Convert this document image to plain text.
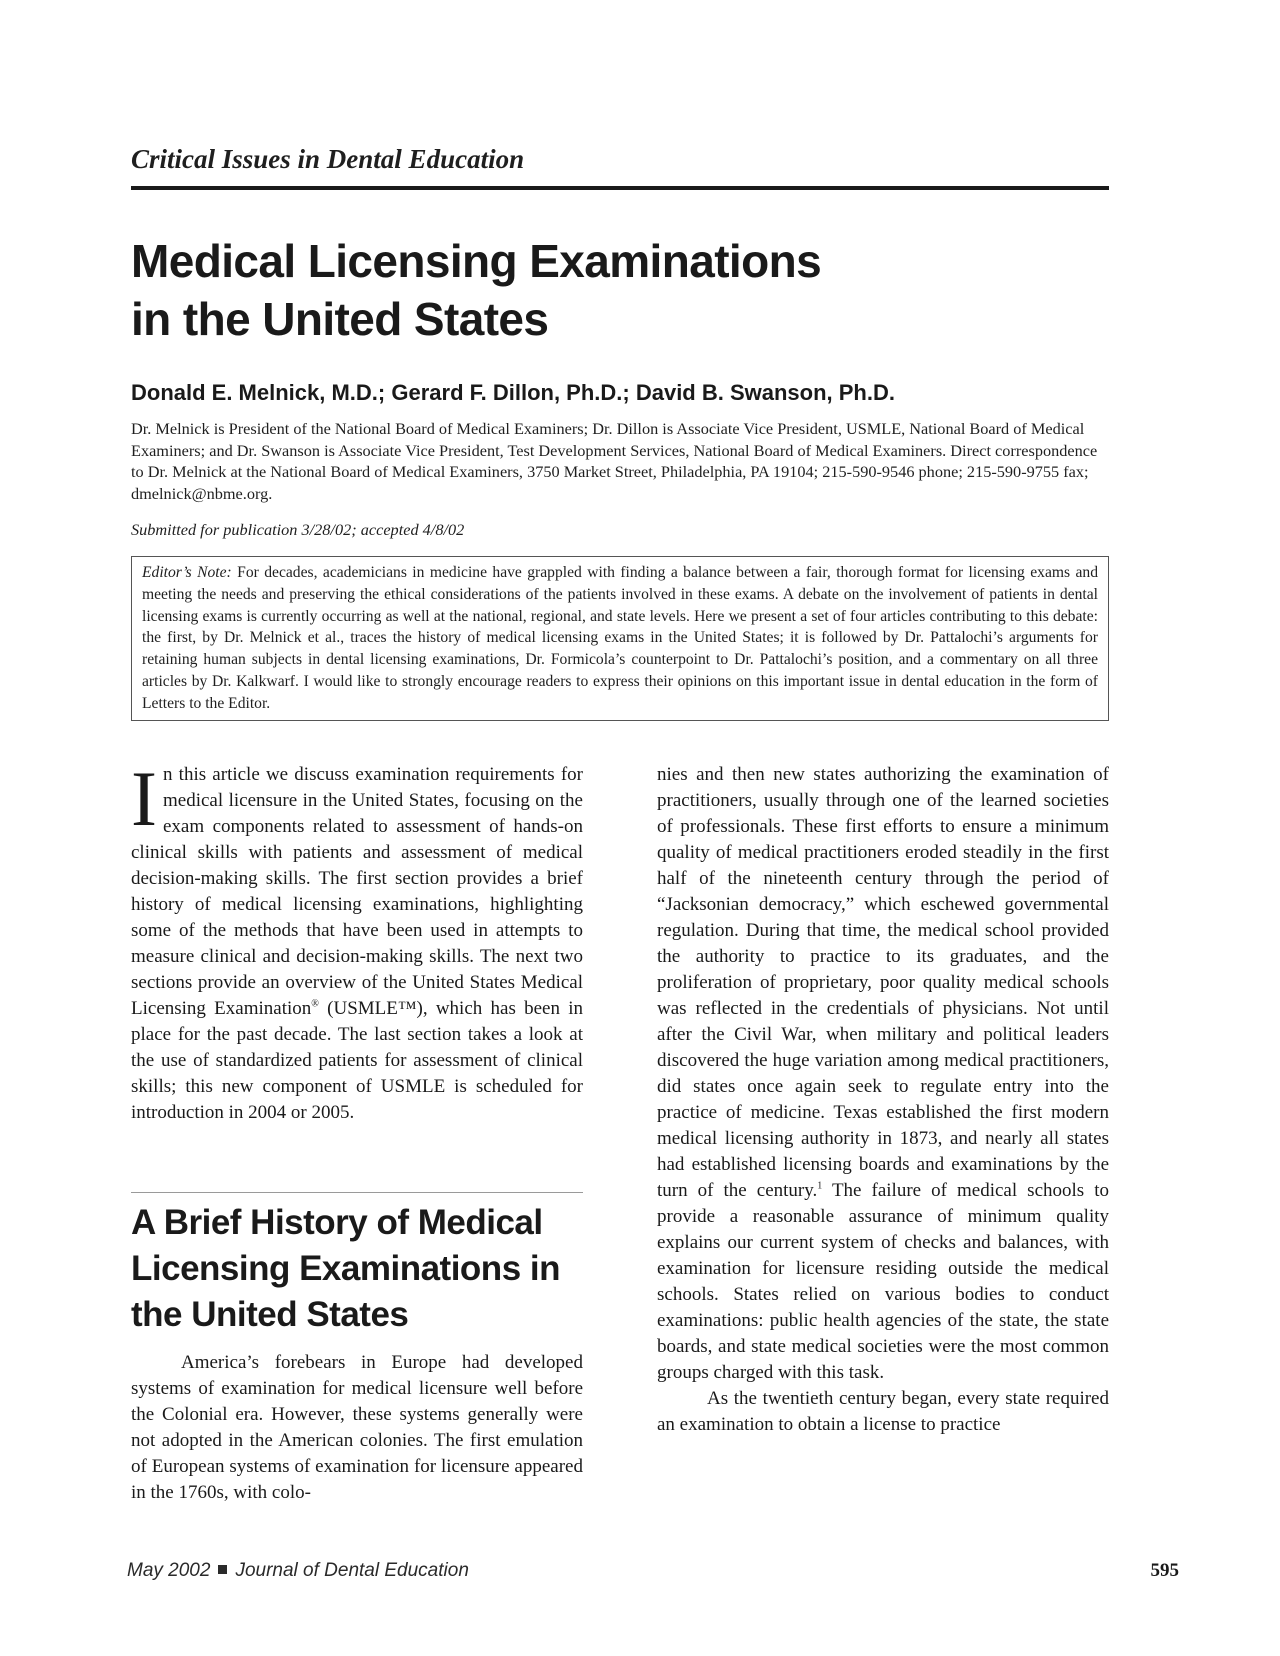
Critical Issues in Dental Education

Medical Licensing Examinations
in the United States

Donald E. Melnick, M.D.; Gerard F. Dillon, Ph.D.; David B. Swanson, Ph.D.

Dr. Melnick is President of the National Board of Medical Examiners; Dr. Dillon is Associate Vice President, USMLE, National Board of Medical Examiners; and Dr. Swanson is Associate Vice President, Test Development Services, National Board of Medical Examiners. Direct correspondence to Dr. Melnick at the National Board of Medical Examiners, 3750 Market Street, Philadelphia, PA 19104; 215-590-9546 phone; 215-590-9755 fax; dmelnick@nbme.org.

Submitted for publication 3/28/02; accepted 4/8/02

Editor’s Note: For decades, academicians in medicine have grappled with finding a balance between a fair, thorough format for licensing exams and meeting the needs and preserving the ethical considerations of the patients involved in these exams. A debate on the involvement of patients in dental licensing exams is currently occurring as well at the national, regional, and state levels. Here we present a set of four articles contributing to this debate: the first, by Dr. Melnick et al., traces the history of medical licensing exams in the United States; it is followed by Dr. Pattalochi’s arguments for retaining human subjects in dental licensing examinations, Dr. Formicola’s counterpoint to Dr. Pattalochi’s position, and a commentary on all three articles by Dr. Kalkwarf. I would like to strongly encourage readers to express their opinions on this important issue in dental education in the form of Letters to the Editor.

In this article we discuss examination requirements for medical licensure in the United States, focusing on the exam components related to assessment of hands-on clinical skills with patients and assessment of medical decision-making skills. The first section provides a brief history of medical licensing examinations, highlighting some of the methods that have been used in attempts to measure clinical and decision-making skills. The next two sections provide an overview of the United States Medical Licensing Examination® (USMLE™), which has been in place for the past decade. The last section takes a look at the use of standardized patients for assessment of clinical skills; this new component of USMLE is scheduled for introduction in 2004 or 2005.

A Brief History of Medical Licensing Examinations in the United States

America’s forebears in Europe had developed systems of examination for medical licensure well before the Colonial era. However, these systems generally were not adopted in the American colonies. The first emulation of European systems of examination for licensure appeared in the 1760s, with colo-

nies and then new states authorizing the examination of practitioners, usually through one of the learned societies of professionals. These first efforts to ensure a minimum quality of medical practitioners eroded steadily in the first half of the nineteenth century through the period of “Jacksonian democracy,” which eschewed governmental regulation. During that time, the medical school provided the authority to practice to its graduates, and the proliferation of proprietary, poor quality medical schools was reflected in the credentials of physicians. Not until after the Civil War, when military and political leaders discovered the huge variation among medical practitioners, did states once again seek to regulate entry into the practice of medicine. Texas established the first modern medical licensing authority in 1873, and nearly all states had established licensing boards and examinations by the turn of the century.$^1$ The failure of medical schools to provide a reasonable assurance of minimum quality explains our current system of checks and balances, with examination for licensure residing outside the medical schools. States relied on various bodies to conduct examinations: public health agencies of the state, the state boards, and state medical societies were the most common groups charged with this task.

As the twentieth century began, every state required an examination to obtain a license to practice

May 2002 Journal of Dental Education	595
